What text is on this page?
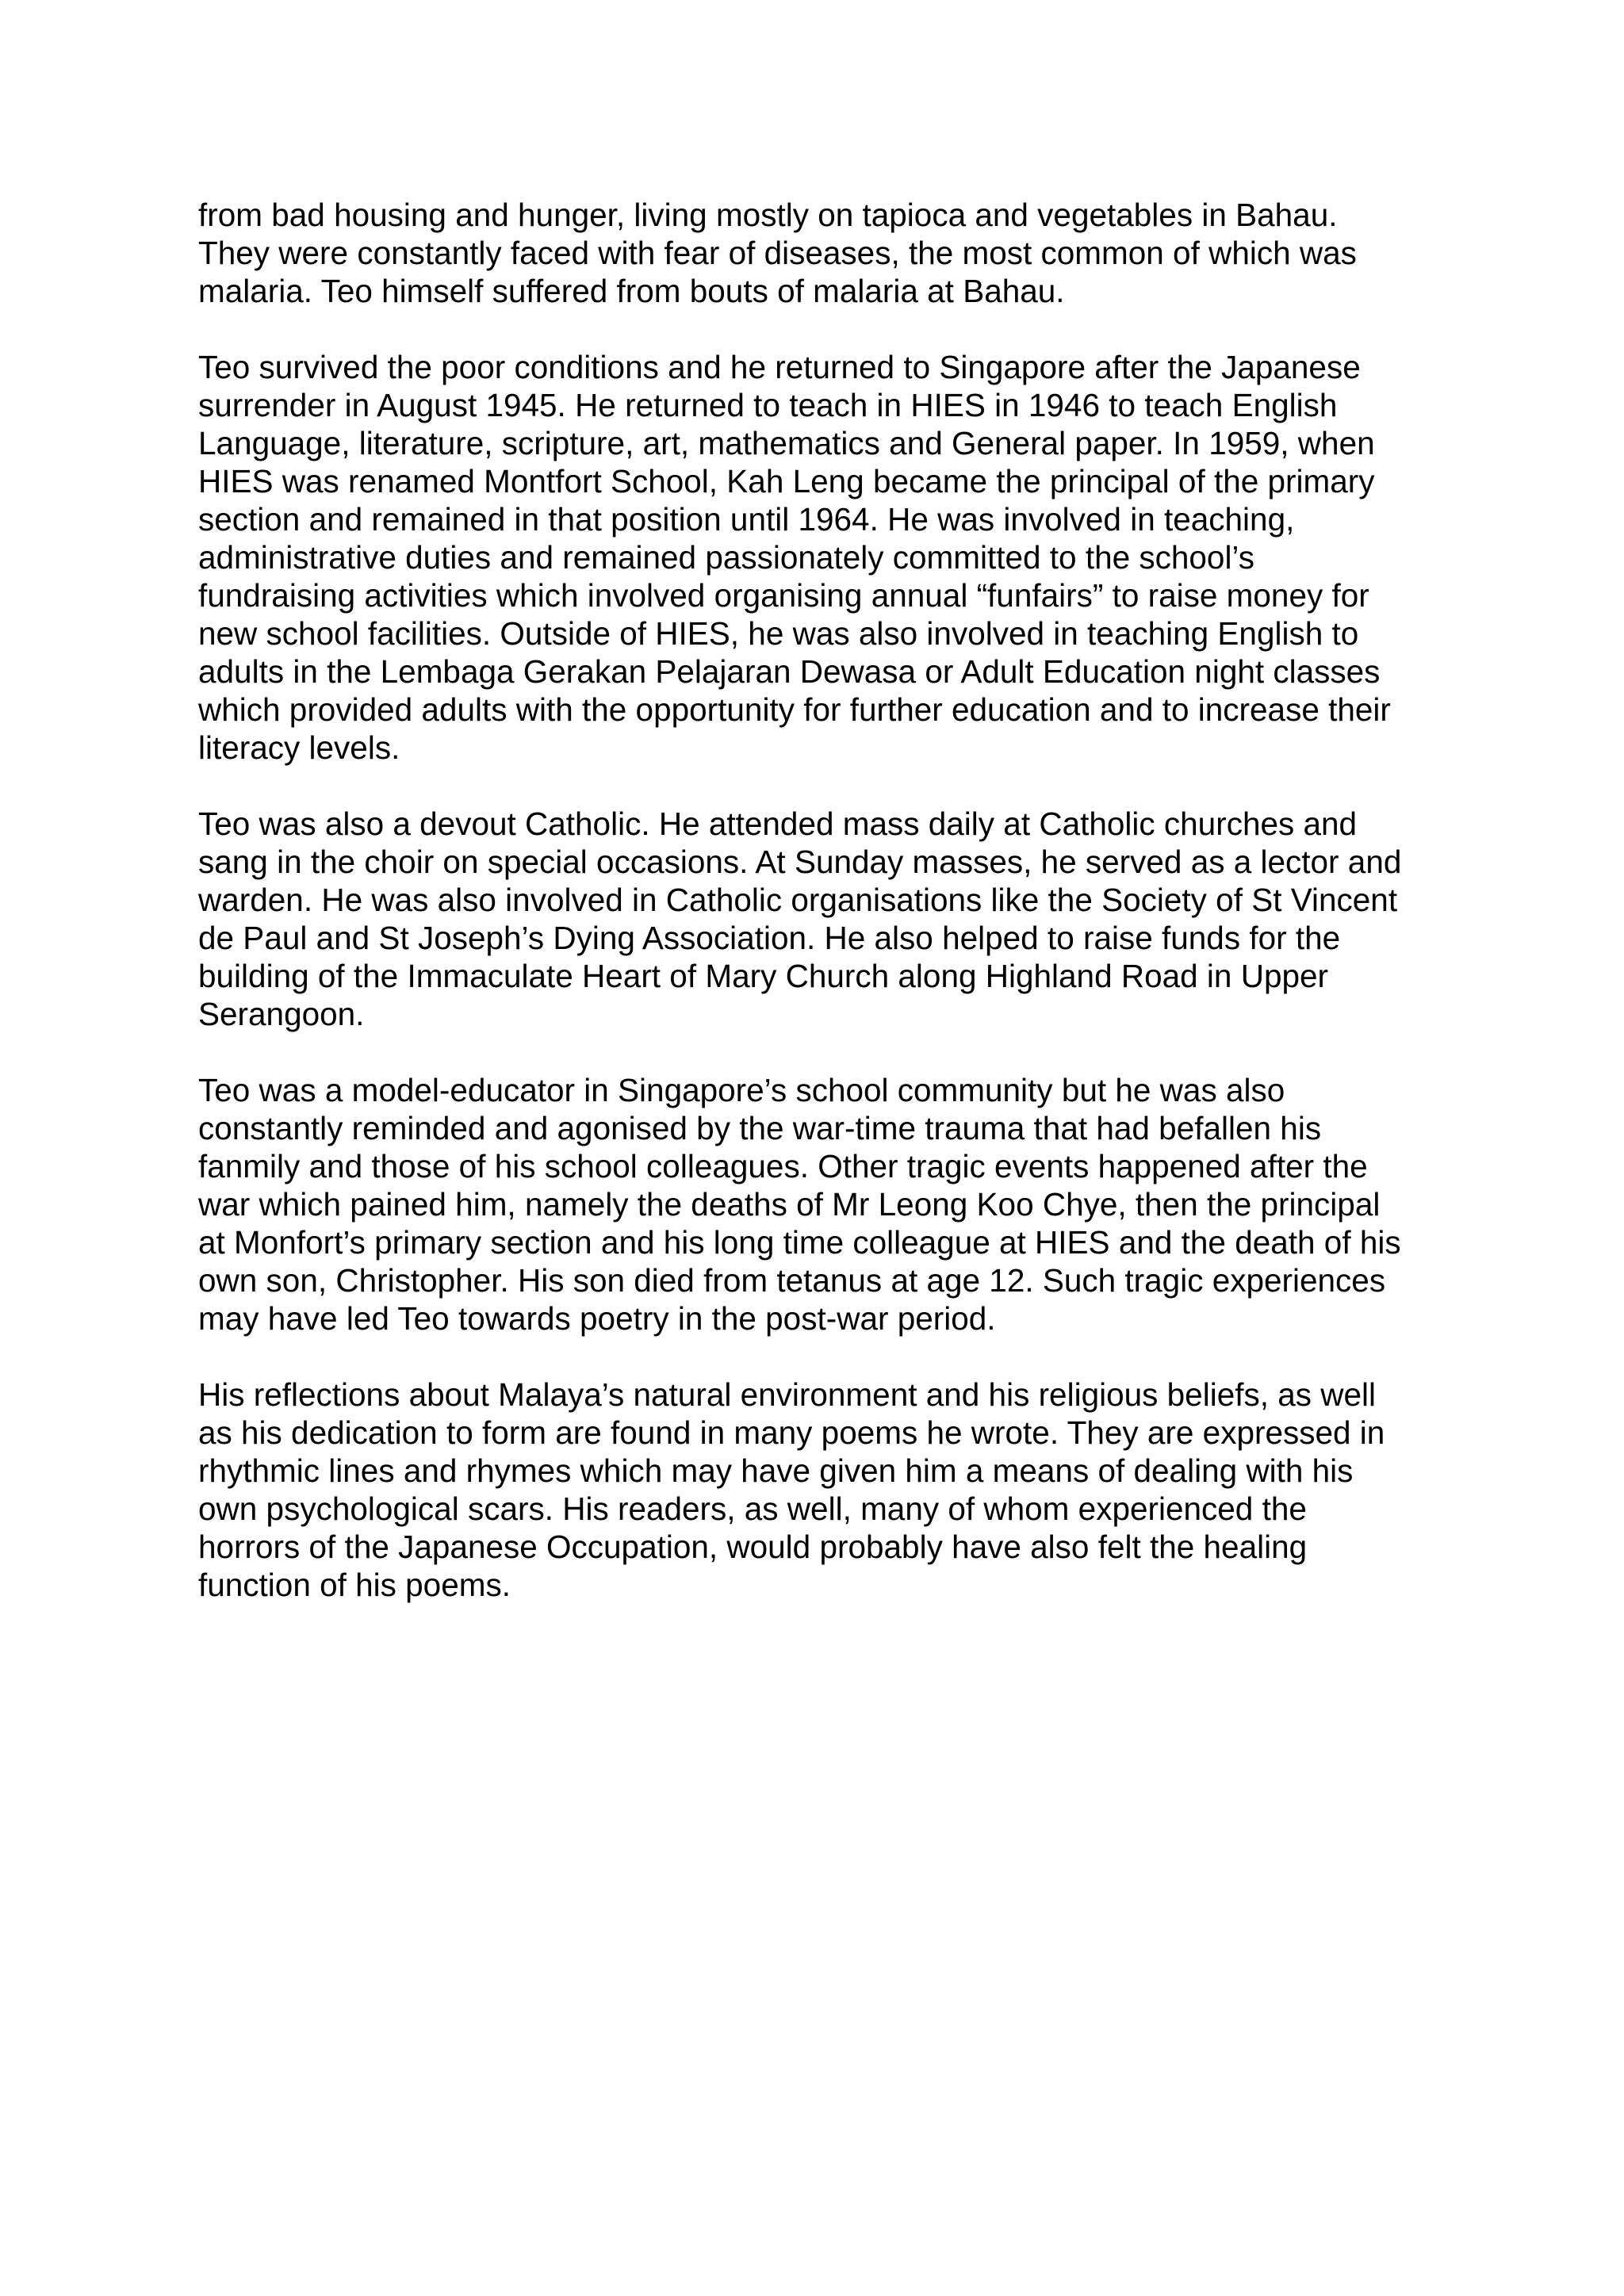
from bad housing and hunger, living mostly on tapioca and vegetables in Bahau.
They were constantly faced with fear of diseases, the most common of which was
malaria. Teo himself suffered from bouts of malaria at Bahau.

Teo survived the poor conditions and he returned to Singapore after the Japanese
surrender in August 1945. He returned to teach in HIES in 1946 to teach English
Language, literature, scripture, art, mathematics and General paper. In 1959, when
HIES was renamed Montfort School, Kah Leng became the principal of the primary
section and remained in that position until 1964. He was involved in teaching,
administrative duties and remained passionately committed to the school’s
fundraising activities which involved organising annual “funfairs” to raise money for
new school facilities. Outside of HIES, he was also involved in teaching English to
adults in the Lembaga Gerakan Pelajaran Dewasa or Adult Education night classes
which provided adults with the opportunity for further education and to increase their
literacy levels.

Teo was also a devout Catholic. He attended mass daily at Catholic churches and
sang in the choir on special occasions. At Sunday masses, he served as a lector and
warden. He was also involved in Catholic organisations like the Society of St Vincent
de Paul and St Joseph’s Dying Association. He also helped to raise funds for the
building of the Immaculate Heart of Mary Church along Highland Road in Upper
Serangoon.

Teo was a model-educator in Singapore’s school community but he was also
constantly reminded and agonised by the war-time trauma that had befallen his
fanmily and those of his school colleagues. Other tragic events happened after the
war which pained him, namely the deaths of Mr Leong Koo Chye, then the principal
at Monfort’s primary section and his long time colleague at HIES and the death of his
own son, Christopher. His son died from tetanus at age 12. Such tragic experiences
may have led Teo towards poetry in the post-war period.

His reflections about Malaya’s natural environment and his religious beliefs, as well
as his dedication to form are found in many poems he wrote. They are expressed in
rhythmic lines and rhymes which may have given him a means of dealing with his
own psychological scars. His readers, as well, many of whom experienced the
horrors of the Japanese Occupation, would probably have also felt the healing
function of his poems.
